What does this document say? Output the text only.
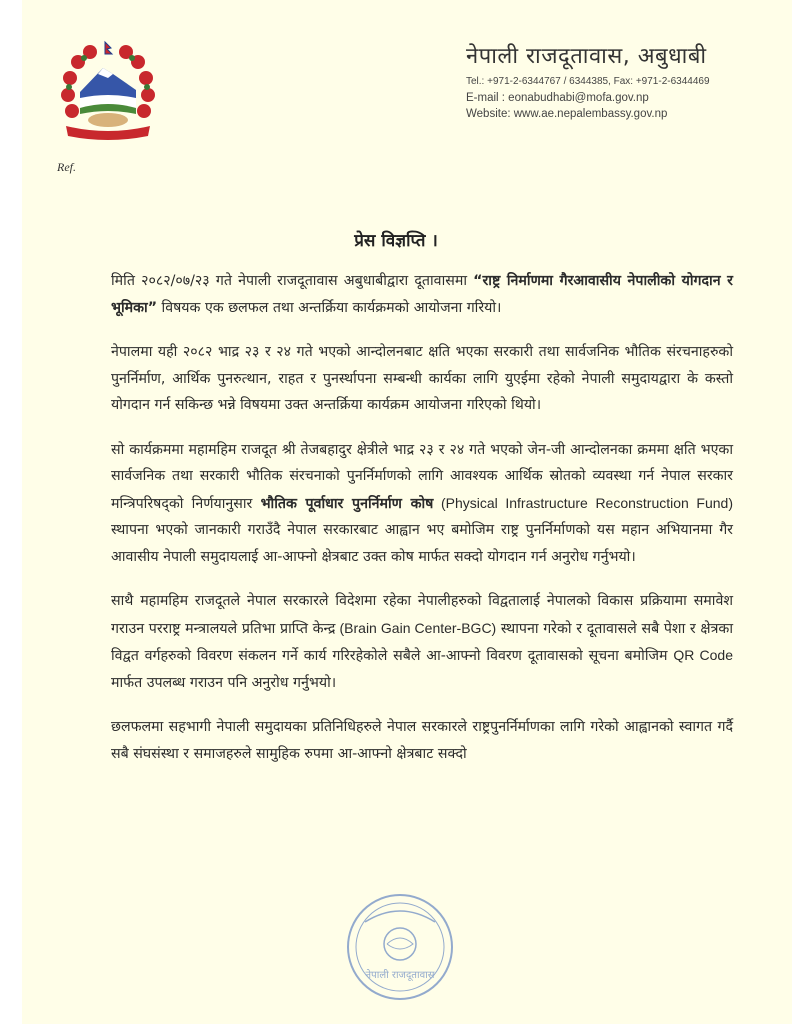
Ref.
नेपाली राजदूतावास, अबुधाबी
Tel.: +971-2-6344767 / 6344385, Fax: +971-2-6344469
E-mail : eonabudhabi@mofa.gov.np
Website: www.ae.nepalembassy.gov.np
प्रेस विज्ञप्ति ।

मिति २०८२/०७/२३ गते नेपाली राजदूतावास अबुधाबीद्वारा दूतावासमा “राष्ट्र निर्माणमा गैरआवासीय नेपालीको योगदान र भूमिका” विषयक एक छलफल तथा अन्तर्क्रिया कार्यक्रमको आयोजना गरियो।

नेपालमा यही २०८२ भाद्र २३ र २४ गते भएको आन्दोलनबाट क्षति भएका सरकारी तथा सार्वजनिक भौतिक संरचनाहरुको पुनर्निर्माण, आर्थिक पुनरुत्थान, राहत र पुनर्स्थापना सम्बन्धी कार्यका लागि युएईमा रहेको नेपाली समुदायद्वारा के कस्तो योगदान गर्न सकिन्छ भन्ने विषयमा उक्त अन्तर्क्रिया कार्यक्रम आयोजना गरिएको थियो।

सो कार्यक्रममा महामहिम राजदूत श्री तेजबहादुर क्षेत्रीले भाद्र २३ र २४ गते भएको जेन-जी आन्दोलनका क्रममा क्षति भएका सार्वजनिक तथा सरकारी भौतिक संरचनाको पुनर्निर्माणको लागि आवश्यक आर्थिक स्रोतको व्यवस्था गर्न नेपाल सरकार मन्त्रिपरिषद्को निर्णयानुसार भौतिक पूर्वाधार पुनर्निर्माण कोष (Physical Infrastructure Reconstruction Fund) स्थापना भएको जानकारी गराउँदै नेपाल सरकारबाट आह्वान भए बमोजिम राष्ट्र पुनर्निर्माणको यस महान अभियानमा गैर आवासीय नेपाली समुदायलाई आ-आफ्नो क्षेत्रबाट उक्त कोष मार्फत सक्दो योगदान गर्न अनुरोध गर्नुभयो।

साथै महामहिम राजदूतले नेपाल सरकारले विदेशमा रहेका नेपालीहरुको विद्वतालाई नेपालको विकास प्रक्रियामा समावेश गराउन परराष्ट्र मन्त्रालयले प्रतिभा प्राप्ति केन्द्र (Brain Gain Center-BGC) स्थापना गरेको र दूतावासले सबै पेशा र क्षेत्रका विद्वत वर्गहरुको विवरण संकलन गर्ने कार्य गरिरहेकोले सबैले आ-आफ्नो विवरण दूतावासको सूचना बमोजिम QR Code मार्फत उपलब्ध गराउन पनि अनुरोध गर्नुभयो।

छलफलमा सहभागी नेपाली समुदायका प्रतिनिधिहरुले नेपाल सरकारले राष्ट्रपुनर्निर्माणका लागि गरेको आह्वानको स्वागत गर्दै सबै संघसंस्था र समाजहरुले सामुहिक रुपमा आ-आफ्नो क्षेत्रबाट सक्दो

नेपाली राजदूतावास
